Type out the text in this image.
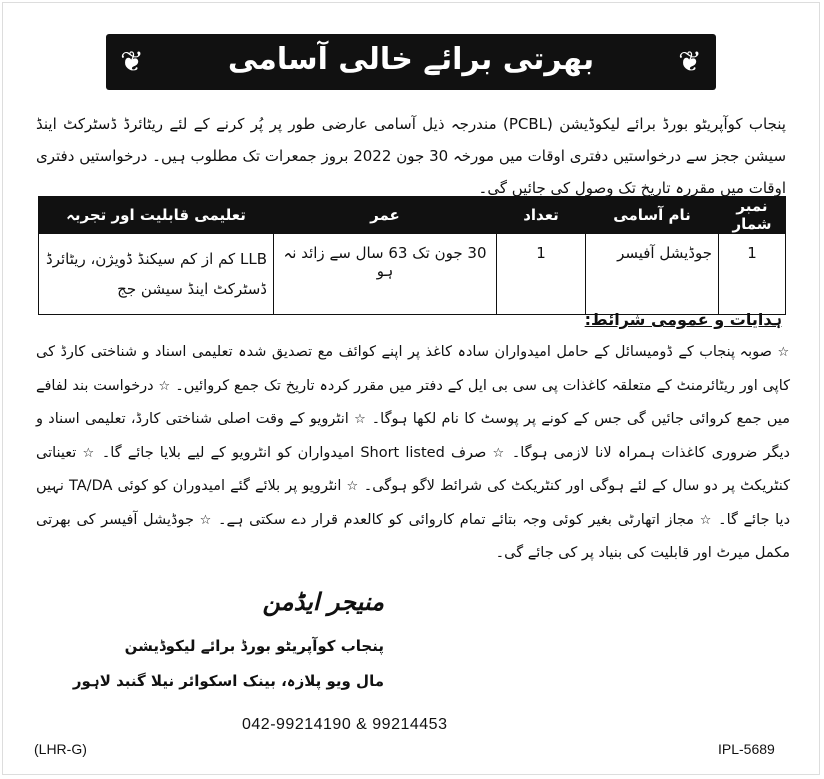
❦	بھرتی برائے خالی آسامی	❦
پنجاب کوآپریٹو بورڈ برائے لیکوڈیشن (PCBL) مندرجہ ذیل آسامی عارضی طور پر پُر کرنے کے لئے ریٹائرڈ ڈسٹرکٹ اینڈ سیشن ججز سے درخواستیں دفتری اوقات میں مورخہ 30 جون 2022 بروز جمعرات تک مطلوب ہیں۔ درخواستیں دفتری اوقات میں مقررہ تاریخ تک وصول کی جائیں گی۔
نمبر شمار	نام آسامی	تعداد	عمر	تعلیمی قابلیت اور تجربہ
1	جوڈیشل آفیسر	1	30 جون تک 63 سال سے زائد نہ ہو	LLB کم از کم سیکنڈ ڈویژن، ریٹائرڈ ڈسٹرکٹ اینڈ سیشن جج
ہدایات و عمومی شرائط:
☆ صوبہ پنجاب کے ڈومیسائل کے حامل امیدواران سادہ کاغذ پر اپنے کوائف مع تصدیق شدہ تعلیمی اسناد و شناختی کارڈ کی کاپی اور ریٹائرمنٹ کے متعلقہ کاغذات پی سی بی ایل کے دفتر میں مقرر کردہ تاریخ تک جمع کروائیں۔ ☆ درخواست بند لفافے میں جمع کروائی جائیں گی جس کے کونے پر پوسٹ کا نام لکھا ہوگا۔ ☆ انٹرویو کے وقت اصلی شناختی کارڈ، تعلیمی اسناد و دیگر ضروری کاغذات ہمراہ لانا لازمی ہوگا۔ ☆ صرف Short listed امیدواران کو انٹرویو کے لیے بلایا جائے گا۔ ☆ تعیناتی کنٹریکٹ پر دو سال کے لئے ہوگی اور کنٹریکٹ کی شرائط لاگو ہوگی۔ ☆ انٹرویو پر بلائے گئے امیدوران کو کوئی TA/DA نہیں دیا جائے گا۔ ☆ مجاز اتھارٹی بغیر کوئی وجہ بتائے تمام کاروائی کو کالعدم قرار دے سکتی ہے۔ ☆ جوڈیشل آفیسر کی بھرتی مکمل میرٹ اور قابلیت کی بنیاد پر کی جائے گی۔
منیجر ایڈمن
پنجاب کوآپریٹو بورڈ برائے لیکوڈیشن
مال ویو پلازہ، بینک اسکوائر نیلا گنبد لاہور
042-99214190 & 99214453
(LHR-G)	IPL-5689
